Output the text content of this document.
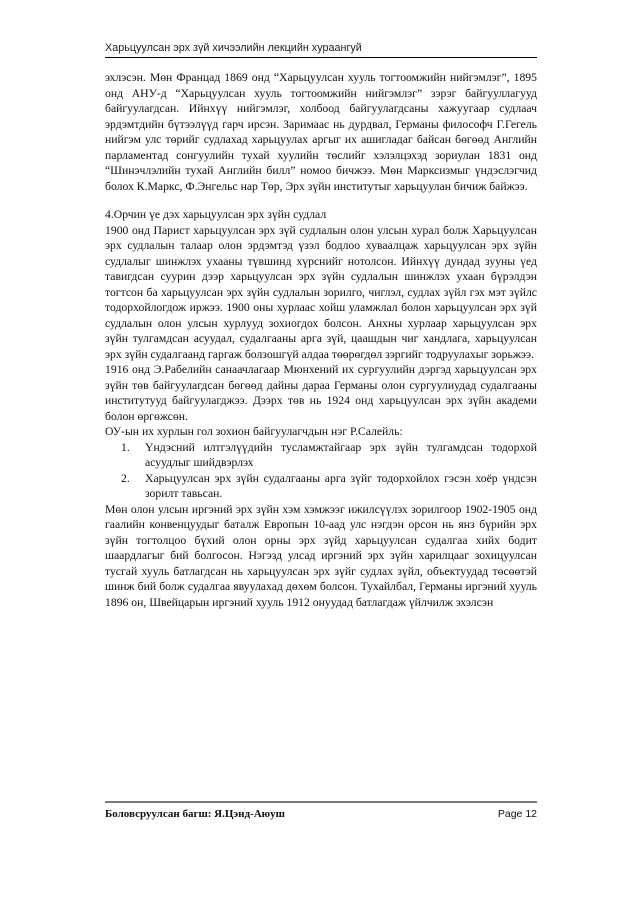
Харьцуулсан эрх зүй хичээлийн лекцийн хураангуй

эхлэсэн. Мөн Францад 1869 онд “Харьцуулсан хууль тогтоомжийн нийгэмлэг”, 1895 онд АНУ-д “Харьцуулсан хууль тогтоомжийн нийгэмлэг” зэрэг байгууллагууд байгуулагдсан. Ийнхүү нийгэмлэг, холбоод байгуулагдсаны хажуугаар судлаач эрдэмтдийн бүтээлүүд гарч ирсэн. Заримаас нь дурдвал, Германы философч Г.Гегель нийгэм улс төрийг судлахад харьцуулах аргыг их ашигладаг байсан бөгөөд Английн парламентад сонгуулийн тухай хуулийн төслийг хэлэлцэхэд зориулан 1831 онд “Шинэчлэлийн тухай Английн билл” номоо бичжээ. Мөн Марксизмыг үндэслэгчид болох К.Маркс, Ф.Энгельс нар Төр, Эрх зүйн институтыг харьцуулан бичиж байжээ.

4.Орчин үе дэх харьцуулсан эрх зүйн судлал

1900 онд Парист харьцуулсан эрх зүй судлалын олон улсын хурал болж Харьцуулсан эрх судлалын талаар олон эрдэмтэд үзэл бодлоо хуваалцаж харьцуулсан эрх зүйн судлалыг шинжлэх ухааны түвшинд хүрснийг нотолсон. Ийнхүү дундад зууны үед тавигдсан суурин дээр харьцуулсан эрх зүйн судлалын шинжлэх ухаан бүрэлдэн тогтсон ба харьцуулсан эрх зүйн судлалын зорилго, чиглэл, судлах зүйл гэх мэт зүйлс тодорхойлогдож иржээ. 1900 оны хурлаас хойш уламжлал болон харьцуулсан эрх зүй судлалын олон улсын хурлууд зохиогдох болсон. Анхны хурлаар харьцуулсан эрх зүйн тулгамдсан асуудал, судалгааны арга зүй, цаашдын чиг хандлага, харьцуулсан эрх зүйн судалгаанд гаргаж болзошгүй алдаа төөрөгдөл зэргийг тодруулахыг зорьжээ.

1916 онд Э.Рабелийн санаачлагаар Мюнхений их сургуулийн дэргэд харьцуулсан эрх зүйн төв байгуулагдсан бөгөөд дайны дараа Германы олон сургуулиудад судалгааны институтууд байгуулагджээ. Дээрх төв нь 1924 онд харьцуулсан эрх зүйн академи болон өргөжсөн.

ОУ-ын их хурлын гол зохион байгуулагчдын нэг Р.Салейль:

1. Үндэсний илтгэлүүдийн тусламжтайгаар эрх зүйн тулгамдсан тодорхой асуудлыг шийдвэрлэх
2. Харьцуулсан эрх зүйн судалгааны арга зүйг тодорхойлох гэсэн хоёр үндсэн зорилт тавьсан.

Мөн олон улсын иргэний эрх зүйн хэм хэмжээг ижилсүүлэх зорилгоор 1902-1905 онд гаалийн конвенцуудыг баталж Европын 10-аад улс нэгдэн орсон нь янз бүрийн эрх зүйн тогтолцоо бүхий олон орны эрх зүйд харьцуулсан судалгаа хийх бодит шаардлагыг бий болгосон. Нэгэзд улсад иргэний эрх зүйн харилцааг зохицуулсан тусгай хууль батлагдсан нь харьцуулсан эрх зүйг судлах зүйл, объектуудад төсөөтэй шинж бий болж судалгаа явуулахад дөхөм болсон. Тухайлбал, Германы иргэний хууль 1896 он, Швейцарын иргэний хууль 1912 онуудад батлагдаж үйлчилж эхэлсэн

Боловсруулсан багш: Я.Цэнд-Аюуш	Page 12
